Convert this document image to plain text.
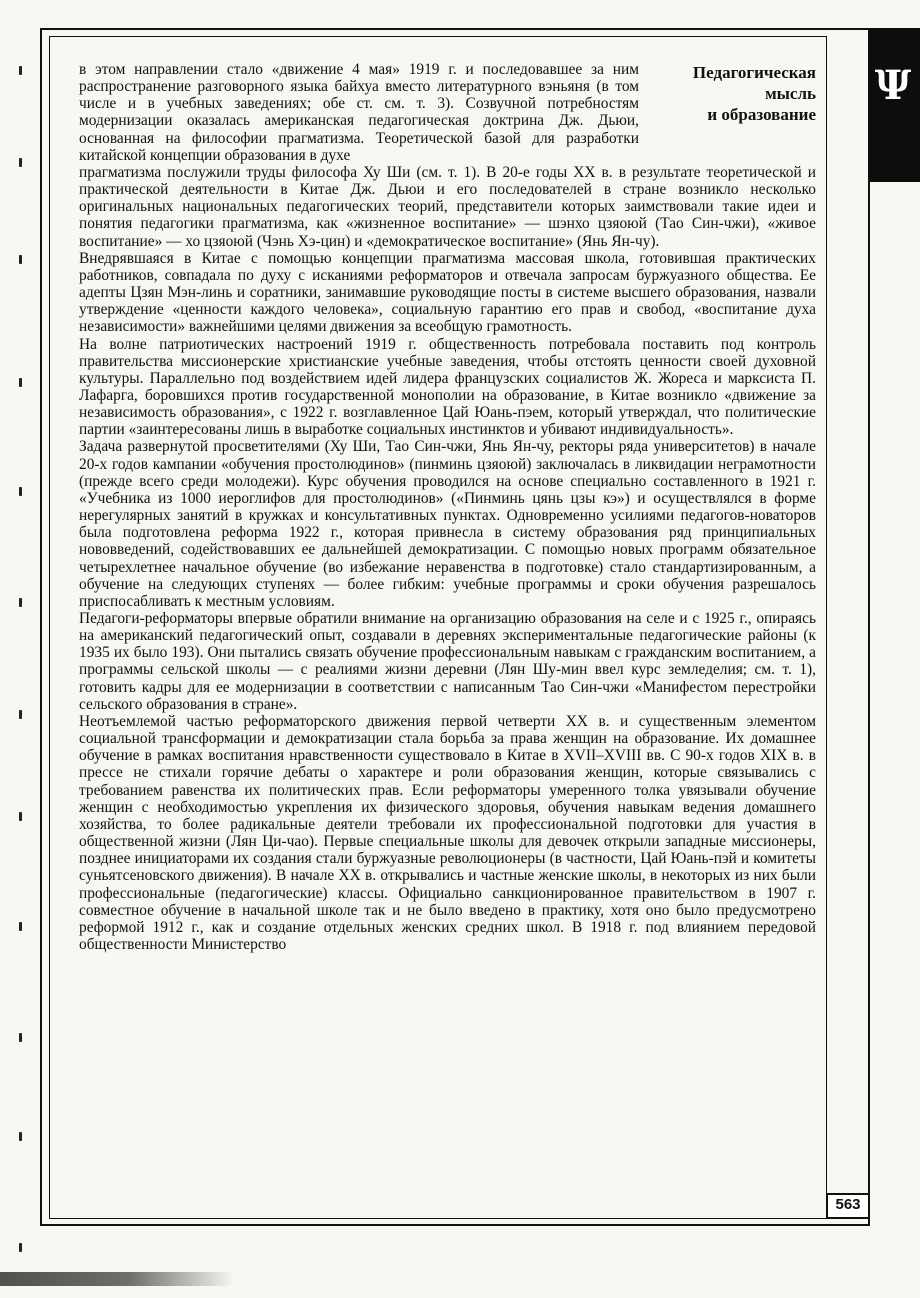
Ψ
Педагогическая
мысль
и образование

в этом направлении стало «движение 4 мая» 1919 г. и последовавшее за ним распространение разговорного языка байхуа вместо литературного вэньяня (в том числе и в учебных заведениях; обе ст. см. т. 3). Созвучной потребностям модернизации оказалась американская педагогическая доктрина Дж. Дьюи, основанная на философии прагматизма. Теоретической базой для разработки китайской концепции образования в духе

прагматизма послужили труды философа Ху Ши (см. т. 1). В 20-е годы XX в. в результате теоретической и практической деятельности в Китае Дж. Дьюи и его последователей в стране возникло несколько оригинальных национальных педагогических теорий, представители которых заимствовали такие идеи и понятия педагогики прагматизма, как «жизненное воспитание» — шэнхо цзяоюй (Тао Син-чжи), «живое воспитание» — хо цзяоюй (Чэнь Хэ-цин) и «демократическое воспитание» (Янь Ян-чу).

Внедрявшаяся в Китае с помощью концепции прагматизма массовая школа, готовившая практических работников, совпадала по духу с исканиями реформаторов и отвечала запросам буржуазного общества. Ее адепты Цзян Мэн-линь и соратники, занимавшие руководящие посты в системе высшего образования, назвали утверждение «ценности каждого человека», социальную гарантию его прав и свобод, «воспитание духа независимости» важнейшими целями движения за всеобщую грамотность.

На волне патриотических настроений 1919 г. общественность потребовала поставить под контроль правительства миссионерские христианские учебные заведения, чтобы отстоять ценности своей духовной культуры. Параллельно под воздействием идей лидера французских социалистов Ж. Жореса и марксиста П. Лафарга, боровшихся против государственной монополии на образование, в Китае возникло «движение за независимость образования», с 1922 г. возглавленное Цай Юань-пэем, который утверждал, что политические партии «заинтересованы лишь в выработке социальных инстинктов и убивают индивидуальность».

Задача развернутой просветителями (Ху Ши, Тао Син-чжи, Янь Ян-чу, ректоры ряда университетов) в начале 20-х годов кампании «обучения простолюдинов» (пинминь цзяоюй) заключалась в ликвидации неграмотности (прежде всего среди молодежи). Курс обучения проводился на основе специально составленного в 1921 г. «Учебника из 1000 иероглифов для простолюдинов» («Пинминь цянь цзы кэ») и осуществлялся в форме нерегулярных занятий в кружках и консультативных пунктах. Одновременно усилиями педагогов-новаторов была подготовлена реформа 1922 г., которая привнесла в систему образования ряд принципиальных нововведений, содействовавших ее дальнейшей демократизации. С помощью новых программ обязательное четырехлетнее начальное обучение (во избежание неравенства в подготовке) стало стандартизированным, а обучение на следующих ступенях — более гибким: учебные программы и сроки обучения разрешалось приспосабливать к местным условиям.

Педагоги-реформаторы впервые обратили внимание на организацию образования на селе и с 1925 г., опираясь на американский педагогический опыт, создавали в деревнях экспериментальные педагогические районы (к 1935 их было 193). Они пытались связать обучение профессиональным навыкам с гражданским воспитанием, а программы сельской школы — с реалиями жизни деревни (Лян Шу-мин ввел курс земледелия; см. т. 1), готовить кадры для ее модернизации в соответствии с написанным Тао Син-чжи «Манифестом перестройки сельского образования в стране».

Неотъемлемой частью реформаторского движения первой четверти XX в. и существенным элементом социальной трансформации и демократизации стала борьба за права женщин на образование. Их домашнее обучение в рамках воспитания нравственности существовало в Китае в XVII–XVIII вв. С 90-х годов XIX в. в прессе не стихали горячие дебаты о характере и роли образования женщин, которые связывались с требованием равенства их политических прав. Если реформаторы умеренного толка увязывали обучение женщин с необходимостью укрепления их физического здоровья, обучения навыкам ведения домашнего хозяйства, то более радикальные деятели требовали их профессиональной подготовки для участия в общественной жизни (Лян Ци-чао). Первые специальные школы для девочек открыли западные миссионеры, позднее инициаторами их создания стали буржуазные революционеры (в частности, Цай Юань-пэй и комитеты суньятсеновского движения). В начале XX в. открывались и частные женские школы, в некоторых из них были профессиональные (педагогические) классы. Официально санкционированное правительством в 1907 г. совместное обучение в начальной школе так и не было введено в практику, хотя оно было предусмотрено реформой 1912 г., как и создание отдельных женских средних школ. В 1918 г. под влиянием передовой общественности Министерство

563
